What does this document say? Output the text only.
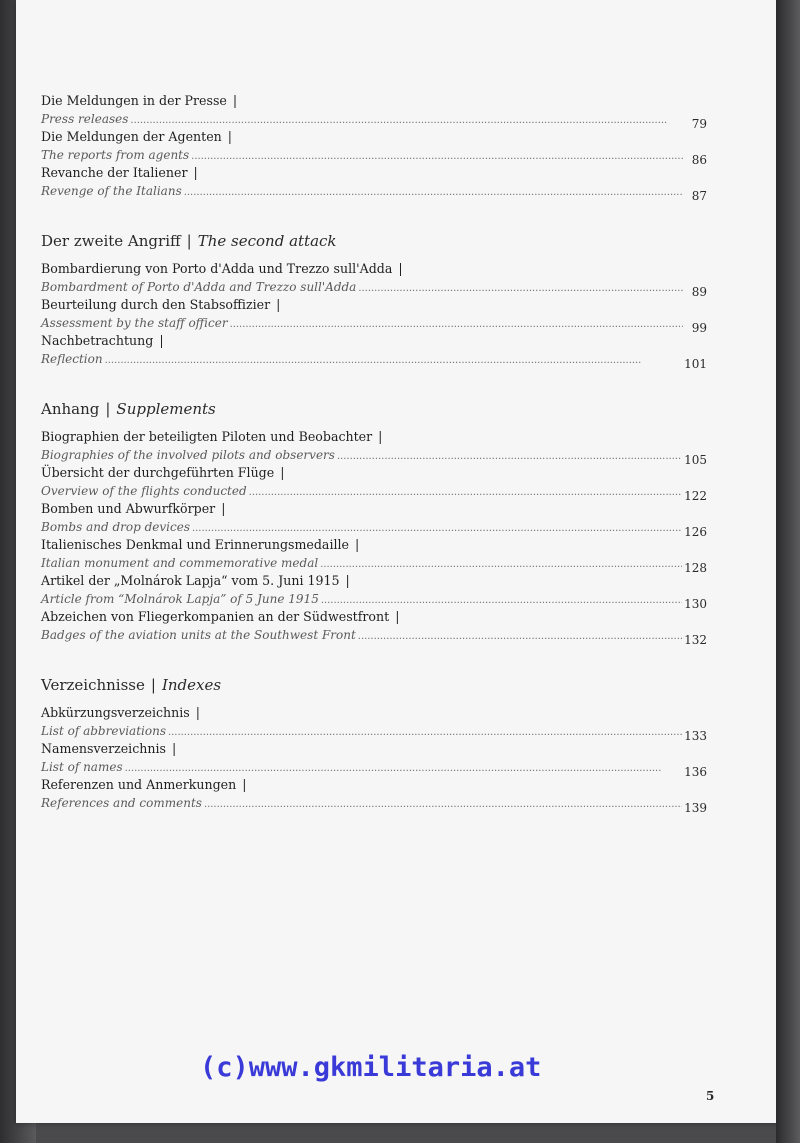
Die Meldungen in der Presse |
Press releases . . .	79
Die Meldungen der Agenten |
The reports from agents . . .	86
Revanche der Italiener |
Revenge of the Italians . . .	87
Der zweite Angriff | The second attack
Bombardierung von Porto d'Adda und Trezzo sull'Adda |
Bombardment of Porto d'Adda and Trezzo sull'Adda . . .	89
Beurteilung durch den Stabsoffizier |
Assessment by the staff officer . . .	99
Nachbetrachtung |
Reflection . . .	101
Anhang | Supplements
Biographien der beteiligten Piloten und Beobachter |
Biographies of the involved pilots and observers . . .	105
Übersicht der durchgeführten Flüge |
Overview of the flights conducted . . .	122
Bomben und Abwurfkörper |
Bombs and drop devices . . .	126
Italienisches Denkmal und Erinnerungsmedaille |
Italian monument and commemorative medal . . .	128
Artikel der „Molnárok Lapja“ vom 5. Juni 1915 |
Article from “Molnárok Lapja” of 5 June 1915 . . .	130
Abzeichen von Fliegerkompanien an der Südwestfront |
Badges of the aviation units at the Southwest Front . . .	132
Verzeichnisse | Indexes
Abkürzungsverzeichnis |
List of abbreviations . . .	133
Namensverzeichnis |
List of names . . .	136
Referenzen und Anmerkungen |
References and comments . . .	139
(c)www.gkmilitaria.at
5
